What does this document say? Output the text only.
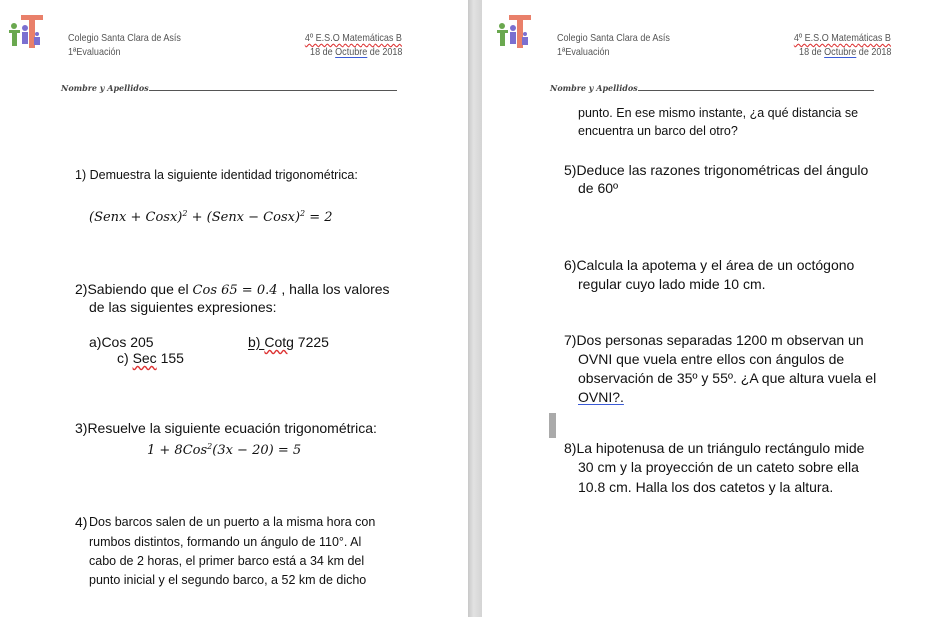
Colegio Santa Clara de Asís
1ªEvaluación
4º E.S.O Matemáticas B
18 de Octubre de 2018
Nombre y Apellidos
1) Demuestra la siguiente identidad trigonométrica:
(Senx + Cosx)$^2$ + (Senx − Cosx)$^2$ = 2
2)Sabiendo que el Cos 65 = 0.4 , halla los valores
de las siguientes expresiones:
a)Cos 205	b) Cotg 7225
c) Sec 155
3)Resuelve la siguiente ecuación trigonométrica:
1 + 8Cos$^2$(3x − 20) = 5
4) Dos barcos salen de un puerto a la misma hora con
rumbos distintos, formando un ángulo de 110°. Al
cabo de 2 horas, el primer barco está a 34 km del
punto inicial y el segundo barco, a 52 km de dicho
Colegio Santa Clara de Asís
1ªEvaluación
4º E.S.O Matemáticas B
18 de Octubre de 2018
Nombre y Apellidos
punto. En ese mismo instante, ¿a qué distancia se
encuentra un barco del otro?
5)Deduce las razones trigonométricas del ángulo
de 60º
6)Calcula la apotema y el área de un octógono
regular cuyo lado mide 10 cm.
7)Dos personas separadas 1200 m observan un
OVNI que vuela entre ellos con ángulos de
observación de 35º y 55º. ¿A que altura vuela el
OVNI?.
8)La hipotenusa de un triángulo rectángulo mide
30 cm y la proyección de un cateto sobre ella
10.8 cm. Halla los dos catetos y la altura.
